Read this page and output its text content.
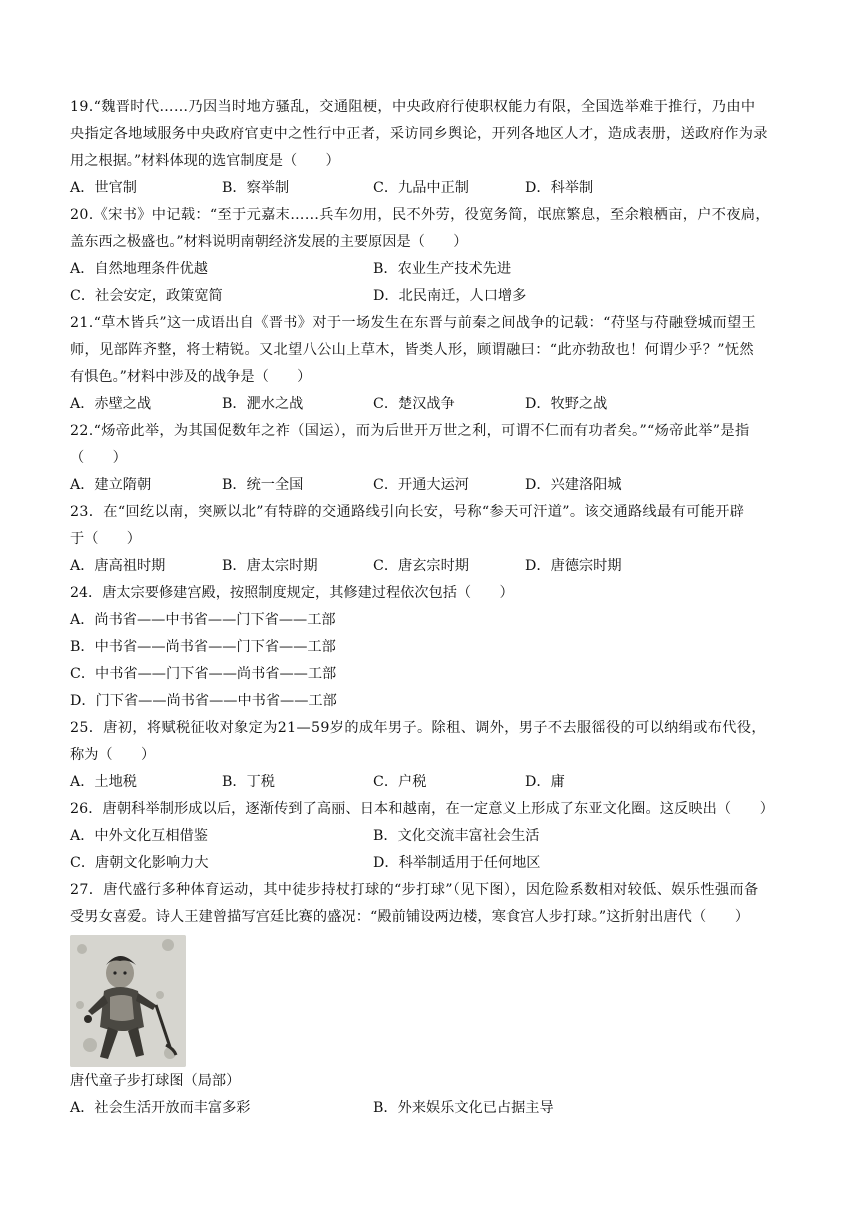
19.“魏晋时代……乃因当时地方骚乱，交通阻梗，中央政府行使职权能力有限，全国选举难于推行，乃由中
央指定各地域服务中央政府官吏中之性行中正者，采访同乡舆论，开列各地区人才，造成表册，送政府作为录
用之根据。”材料体现的选官制度是（　　）
A．世官制	B．察举制	C．九品中正制	D．科举制
20.《宋书》中记载：“至于元嘉末……兵车勿用，民不外劳，役宽务简，氓庶繁息，至余粮栖亩，户不夜扃，
盖东西之极盛也。”材料说明南朝经济发展的主要原因是（　　）
A．自然地理条件优越	B．农业生产技术先进
C．社会安定，政策宽简	D．北民南迁，人口增多
21.“草木皆兵”这一成语出自《晋书》对于一场发生在东晋与前秦之间战争的记载：“苻坚与苻融登城而望王
师，见部阵齐整，将士精锐。又北望八公山上草木，皆类人形，顾谓融曰：“此亦勃敌也！何谓少乎？”怃然
有惧色。”材料中涉及的战争是（　　）
A．赤壁之战	B．淝水之战	C．楚汉战争	D．牧野之战
22.“炀帝此举，为其国促数年之祚（国运），而为后世开万世之利，可谓不仁而有功者矣。”“炀帝此举”是指
（　　）
A．建立隋朝	B．统一全国	C．开通大运河	D．兴建洛阳城
23．在“回纥以南，突厥以北”有特辟的交通路线引向长安，号称“参天可汗道”。该交通路线最有可能开辟
于（　　）
A．唐高祖时期	B．唐太宗时期	C．唐玄宗时期	D．唐德宗时期
24．唐太宗要修建宫殿，按照制度规定，其修建过程依次包括（　　）
A．尚书省——中书省——门下省——工部
B．中书省——尚书省——门下省——工部
C．中书省——门下省——尚书省——工部
D．门下省——尚书省——中书省——工部
25．唐初，将赋税征收对象定为21—59岁的成年男子。除租、调外，男子不去服徭役的可以纳绢或布代役，
称为（　　）
A．土地税	B．丁税	C．户税	D．庸
26．唐朝科举制形成以后，逐渐传到了高丽、日本和越南，在一定意义上形成了东亚文化圈。这反映出（　　）
A．中外文化互相借鉴	B．文化交流丰富社会生活
C．唐朝文化影响力大	D．科举制适用于任何地区
27．唐代盛行多种体育运动，其中徒步持杖打球的“步打球”（见下图），因危险系数相对较低、娱乐性强而备
受男女喜爱。诗人王建曾描写宫廷比赛的盛况：“殿前铺设两边楼，寒食宫人步打球。”这折射出唐代（　　）
唐代童子步打球图（局部）
A．社会生活开放而丰富多彩	B．外来娱乐文化已占据主导
